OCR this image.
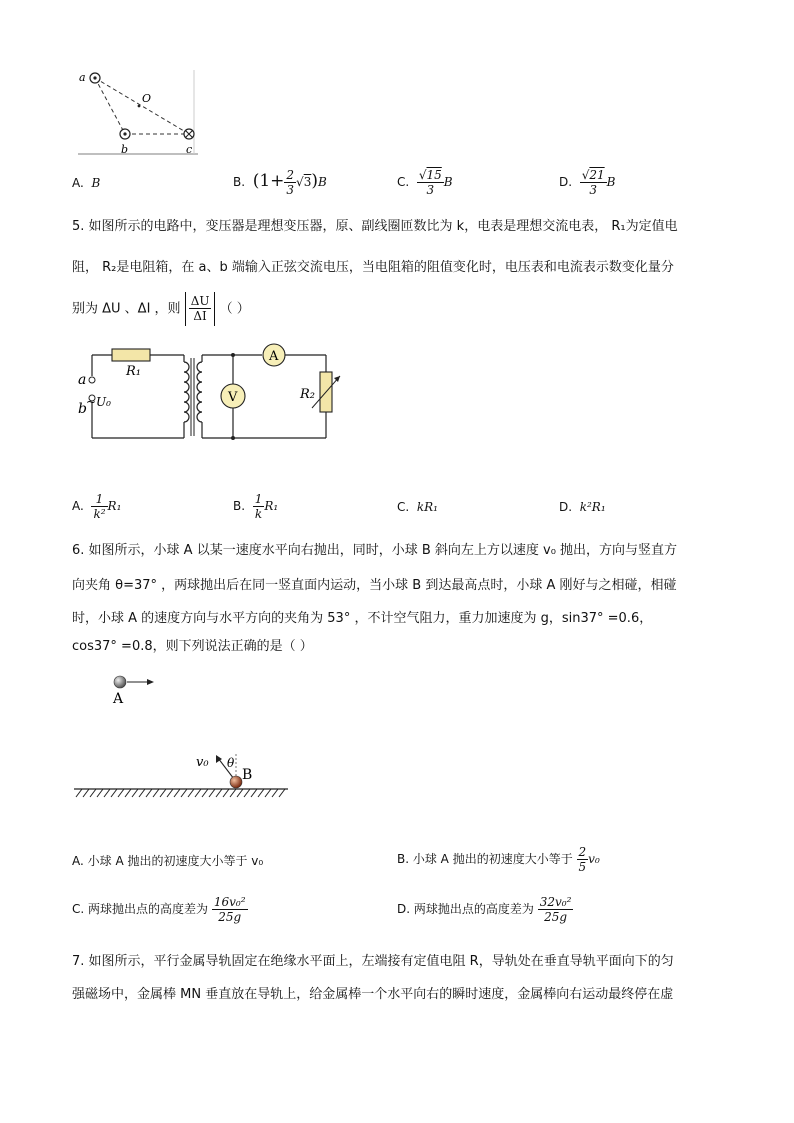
a
O
b	c
A. B	B. $(1+ \frac{2}{3} √3)B$	C. $\frac{√15}{3}$ B	D. $\frac{√21}{3}$ B
5. 如图所示的电路中，变压器是理想变压器，原、副线圈匝数比为 k，电表是理想交流电表， R₁为定值电
阻， R₂是电阻箱，在 a、b 端输入正弦交流电压，当电阻箱的阻值变化时，电压表和电流表示数变化量分
别为 ΔU 、ΔI ，则 $\frac{\Delta U}{\Delta I}$ （ ）
A
V
R₁
R₂
a
b ~U₀
A. $\frac{1}{\text{k²}} R_1$	B. $\frac{1}{k} R_1$	C. kR₁	D. k²R₁
6. 如图所示，小球 A 以某一速度水平向右抛出，同时，小球 B 斜向左上方以速度 v₀ 抛出，方向与竖直方
向夹角 θ=37° ，两球抛出后在同一竖直面内运动，当小球 B 到达最高点时，小球 A 刚好与之相碰，相碰
时，小球 A 的速度方向与水平方向的夹角为 53° ，不计空气阻力，重力加速度为 g，sin37° =0.6，
cos37° =0.8，则下列说法正确的是（ ）
A
B
v₀ θ
A. 小球 A 抛出的初速度大小等于 v₀	B. 小球 A 抛出的初速度大小等于 $\frac{2}{5} v_0$
C. 两球抛出点的高度差为 $\frac{\text{16v₀²}}{25g}$	D. 两球抛出点的高度差为 $\frac{\text{32v₀²}}{25g}$
7. 如图所示，平行金属导轨固定在绝缘水平面上，左端接有定值电阻 R，导轨处在垂直导轨平面向下的匀
强磁场中，金属棒 MN 垂直放在导轨上，给金属棒一个水平向右的瞬时速度，金属棒向右运动最终停在虚
